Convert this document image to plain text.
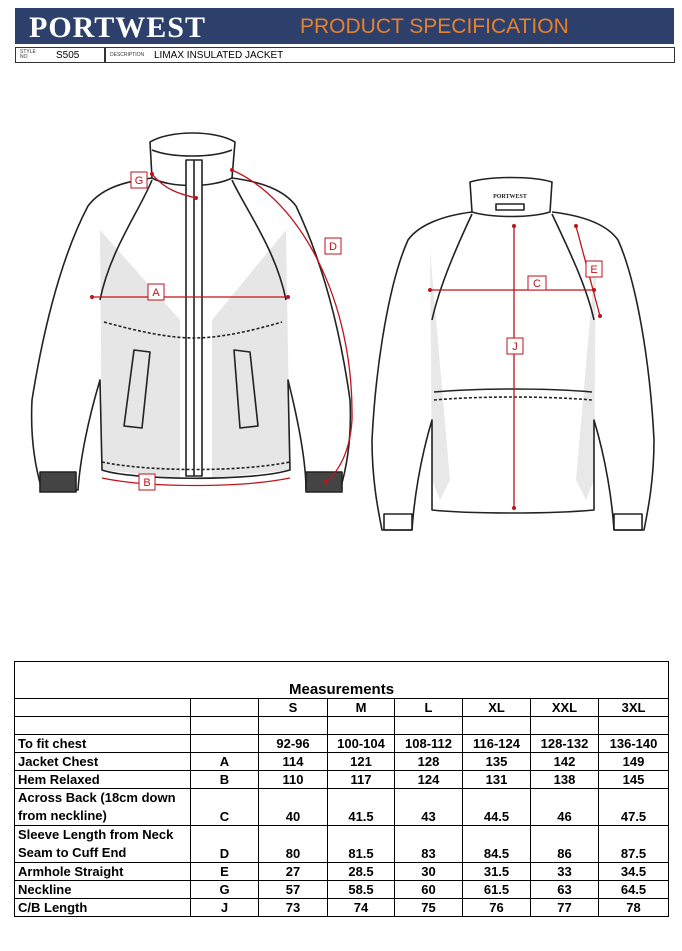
PORTWEST	PRODUCT SPECIFICATION
STYLE NO	S505	DESCRIPTION LIMAX INSULATED JACKET
G
D
A
B
C
E
J
PORTWEST
Measurements							
		S	M	L	XL	XXL	3XL

To fit chest		92-96	100-104	108-112	116-124	128-132	136-140
Jacket Chest	A	114	121	128	135	142	149
Hem Relaxed	B	110	117	124	131	138	145

Across Back (18cm down
from neckline)	C	40	41.5	43	44.5	46	47.5

Sleeve Length from Neck
Seam to Cuff End	D	80	81.5	83	84.5	86	87.5
Armhole Straight	E	27	28.5	30	31.5	33	34.5
Neckline	G	57	58.5	60	61.5	63	64.5
C/B Length	J	73	74	75	76	77	78
